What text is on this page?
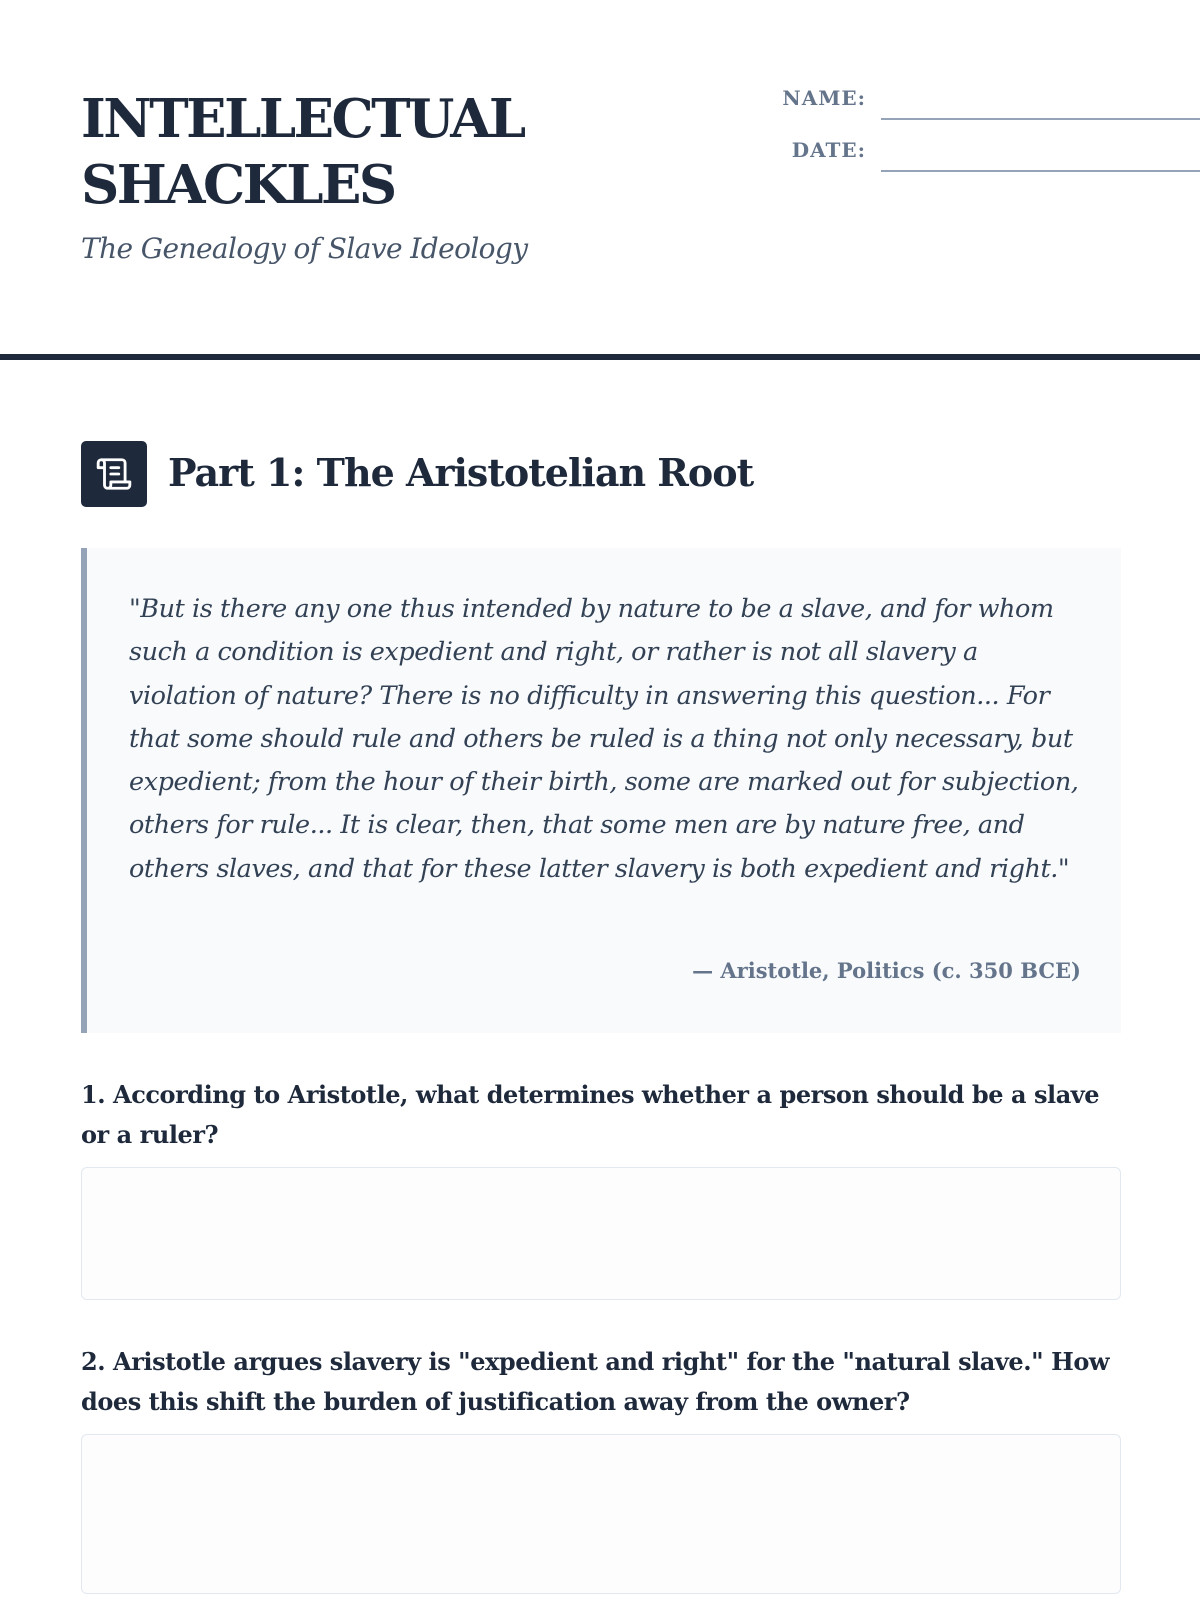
INTELLECTUAL SHACKLES
The Genealogy of Slave Ideology
NAME:
DATE:
Part 1: The Aristotelian Root

"But is there any one thus intended by nature to be a slave, and for whom such a condition is expedient and right, or rather is not all slavery a violation of nature? There is no difficulty in answering this question... For that some should rule and others be ruled is a thing not only necessary, but expedient; from the hour of their birth, some are marked out for subjection, others for rule... It is clear, then, that some men are by nature free, and others slaves, and that for these latter slavery is both expedient and right."

— Aristotle, Politics (c. 350 BCE)
1. According to Aristotle, what determines whether a person should be a slave or a ruler?
2. Aristotle argues slavery is "expedient and right" for the "natural slave." How does this shift the burden of justification away from the owner?
